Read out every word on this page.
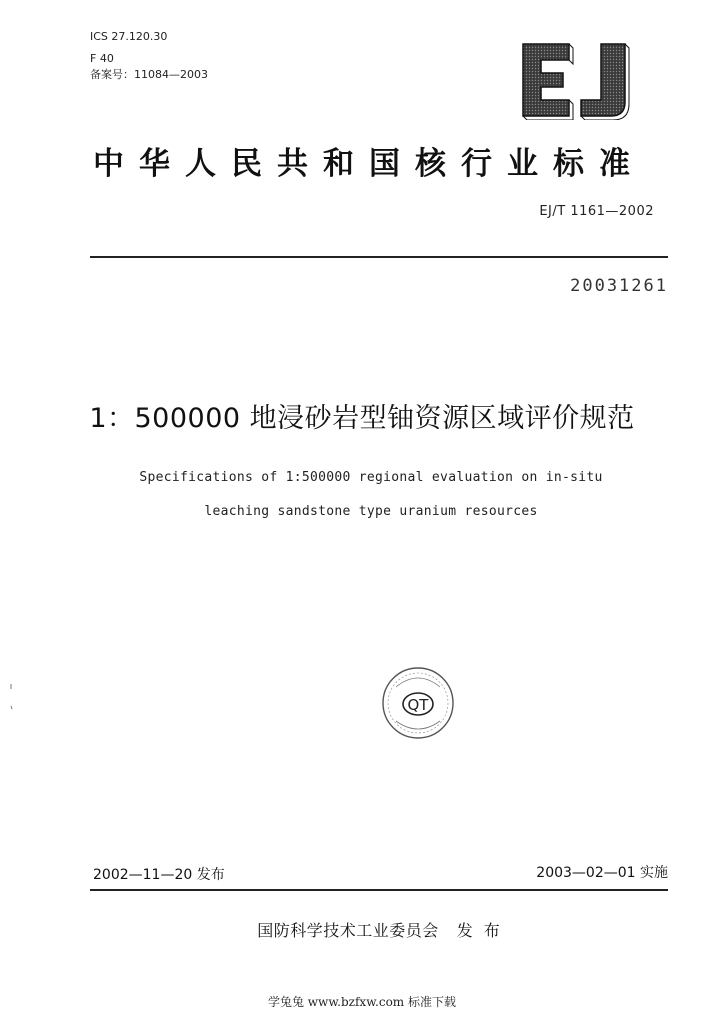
ICS 27.120.30
F 40
备案号：11084—2003
中华人民共和国核行业标准
EJ/T 1161—2002
20031261
1：500000 地浸砂岩型铀资源区域评价规范
Specifications of 1:500000 regional evaluation on in-situ
leaching sandstone type uranium resources
QT
2002—11—20 发布	2003—02—01 实施
国防科学技术工业委员会 发 布
学兔兔 www.bzfxw.com 标准下载
